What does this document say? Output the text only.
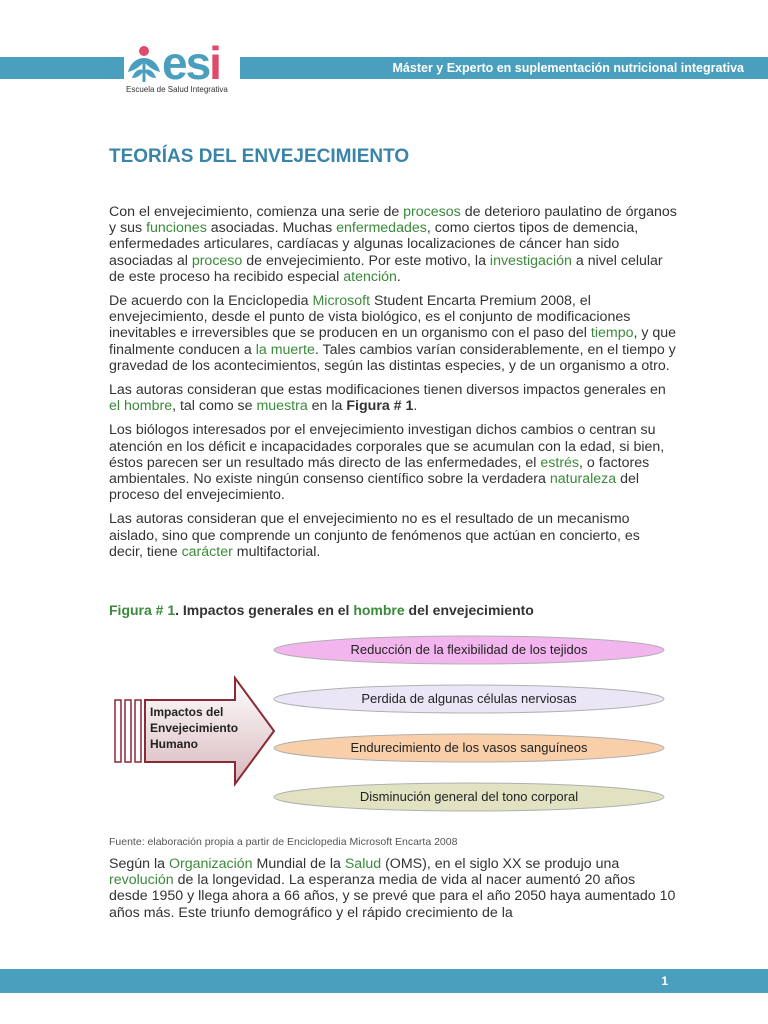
Máster y Experto en suplementación nutricional integrativa
esi
Escuela de Salud Integrativa
TEORÍAS DEL ENVEJECIMIENTO

Con el envejecimiento, comienza una serie de procesos de deterioro paulatino de órganos y sus funciones asociadas. Muchas enfermedades, como ciertos tipos de demencia, enfermedades articulares, cardíacas y algunas localizaciones de cáncer han sido asociadas al proceso de envejecimiento. Por este motivo, la investigación a nivel celular de este proceso ha recibido especial atención.

De acuerdo con la Enciclopedia Microsoft Student Encarta Premium 2008, el envejecimiento, desde el punto de vista biológico, es el conjunto de modificaciones inevitables e irreversibles que se producen en un organismo con el paso del tiempo, y que finalmente conducen a la muerte. Tales cambios varían considerablemente, en el tiempo y gravedad de los acontecimientos, según las distintas especies, y de un organismo a otro.

Las autoras consideran que estas modificaciones tienen diversos impactos generales en el hombre, tal como se muestra en la Figura # 1.

Los biólogos interesados por el envejecimiento investigan dichos cambios o centran su atención en los déficit e incapacidades corporales que se acumulan con la edad, si bien, éstos parecen ser un resultado más directo de las enfermedades, el estrés, o factores ambientales. No existe ningún consenso científico sobre la verdadera naturaleza del proceso del envejecimiento.

Las autoras consideran que el envejecimiento no es el resultado de un mecanismo aislado, sino que comprende un conjunto de fenómenos que actúan en concierto, es decir, tiene carácter multifactorial.

Figura # 1. Impactos generales en el hombre del envejecimiento
Impactos del
Envejecimiento
Humano
Reducción de la flexibilidad de los tejidos
Perdida de algunas células nerviosas
Endurecimiento de los vasos sanguíneos
Disminución general del tono corporal
Fuente: elaboración propia a partir de Enciclopedia Microsoft Encarta 2008

Según la Organización Mundial de la Salud (OMS), en el siglo XX se produjo una revolución de la longevidad. La esperanza media de vida al nacer aumentó 20 años desde 1950 y llega ahora a 66 años, y se prevé que para el año 2050 haya aumentado 10 años más. Este triunfo demográfico y el rápido crecimiento de la

1
